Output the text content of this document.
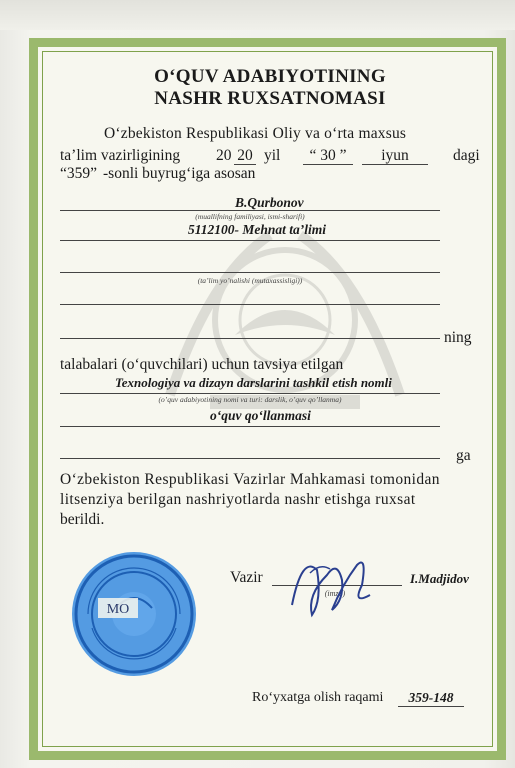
O‘QUV ADABIYOTINING
NASHR RUXSATNOMASI
O‘zbekiston Respublikasi Oliy va o‘rta maxsus
ta’lim vazirligining 20 20 yil	“ 30 ”	iyun	dagi
“359” -sonli buyrug‘iga asosan
B.Qurbonov
(muallifning familiyasi, ismi-sharifi)
5112100- Mehnat ta’limi
(ta’lim yo’nalishi (mutaxassisligi))
ning
talabalari (o‘quvchilari) uchun tavsiya etilgan
Texnologiya va dizayn darslarini tashkil etish nomli
(o’quv adabiyotining nomi va turi: darslik, o’quv qo’llanma)
o‘quv qo‘llanmasi
ga
O‘zbekiston Respublikasi Vazirlar Mahkamasi tomonidan
litsenziya berilgan nashriyotlarda nashr etishga ruxsat
berildi.
Vazir
(imzo)
I.Madjidov
Ro‘yxatga olish raqami	359-148
MO
